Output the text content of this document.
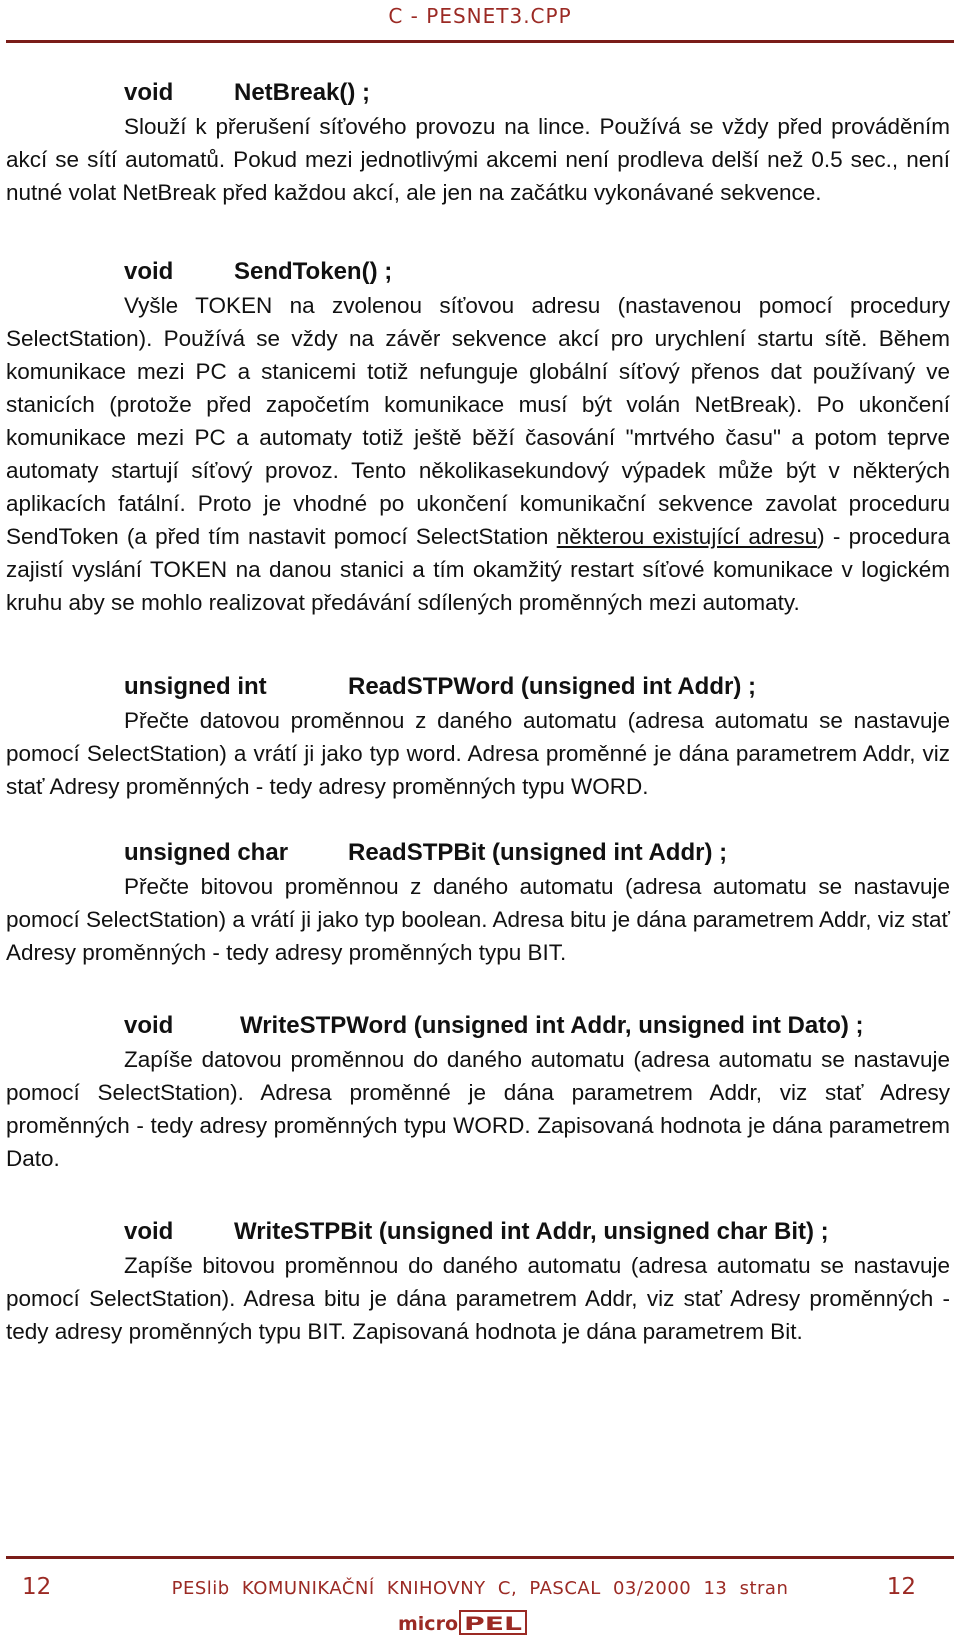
C - PESNET3.CPP
void	NetBreak() ;

Slouží k přerušení síťového provozu na lince. Používá se vždy před prováděním akcí se sítí automatů. Pokud mezi jednotlivými akcemi není prodleva delší než 0.5 sec., není nutné volat NetBreak před každou akcí, ale jen na začátku vykonávané sekvence.

void	SendToken() ;

Vyšle TOKEN na zvolenou síťovou adresu (nastavenou pomocí procedury SelectStation). Používá se vždy na závěr sekvence akcí pro urychlení startu sítě. Během komunikace mezi PC a stanicemi totiž nefunguje globální síťový přenos dat používaný ve stanicích (protože před započetím komunikace musí být volán NetBreak). Po ukončení komunikace mezi PC a automaty totiž ještě běží časování "mrtvého času" a potom teprve automaty startují síťový provoz. Tento několikasekundový výpadek může být v některých aplikacích fatální. Proto je vhodné po ukončení komunikační sekvence zavolat proceduru SendToken (a před tím nastavit pomocí SelectStation některou existující adresu) - procedura zajistí vyslání TOKEN na danou stanici a tím okamžitý restart síťové komunikace v logickém kruhu aby se mohlo realizovat předávání sdílených proměnných mezi automaty.

unsigned int	ReadSTPWord (unsigned int Addr) ;

Přečte datovou proměnnou z daného automatu (adresa automatu se nastavuje pomocí SelectStation) a vrátí ji jako typ word. Adresa proměnné je dána parametrem Addr, viz stať Adresy proměnných - tedy adresy proměnných typu WORD.

unsigned char ReadSTPBit (unsigned int Addr) ;

Přečte bitovou proměnnou z daného automatu (adresa automatu se nastavuje pomocí SelectStation) a vrátí ji jako typ boolean. Adresa bitu je dána parametrem Addr, viz stať Adresy proměnných - tedy adresy proměnných typu BIT.

void	WriteSTPWord (unsigned int Addr, unsigned int Dato) ;

Zapíše datovou proměnnou do daného automatu (adresa automatu se nastavuje pomocí SelectStation). Adresa proměnné je dána parametrem Addr, viz stať Adresy proměnných - tedy adresy proměnných typu WORD. Zapisovaná hodnota je dána parametrem Dato.

void	WriteSTPBit (unsigned int Addr, unsigned char Bit) ;

Zapíše bitovou proměnnou do daného automatu (adresa automatu se nastavuje pomocí SelectStation). Adresa bitu je dána parametrem Addr, viz stať Adresy proměnných - tedy adresy proměnných typu BIT. Zapisovaná hodnota je dána parametrem Bit.

12	PESlib KOMUNIKAČNÍ KNIHOVNY C, PASCAL 03/2000 13 stran	12
micro PEL
